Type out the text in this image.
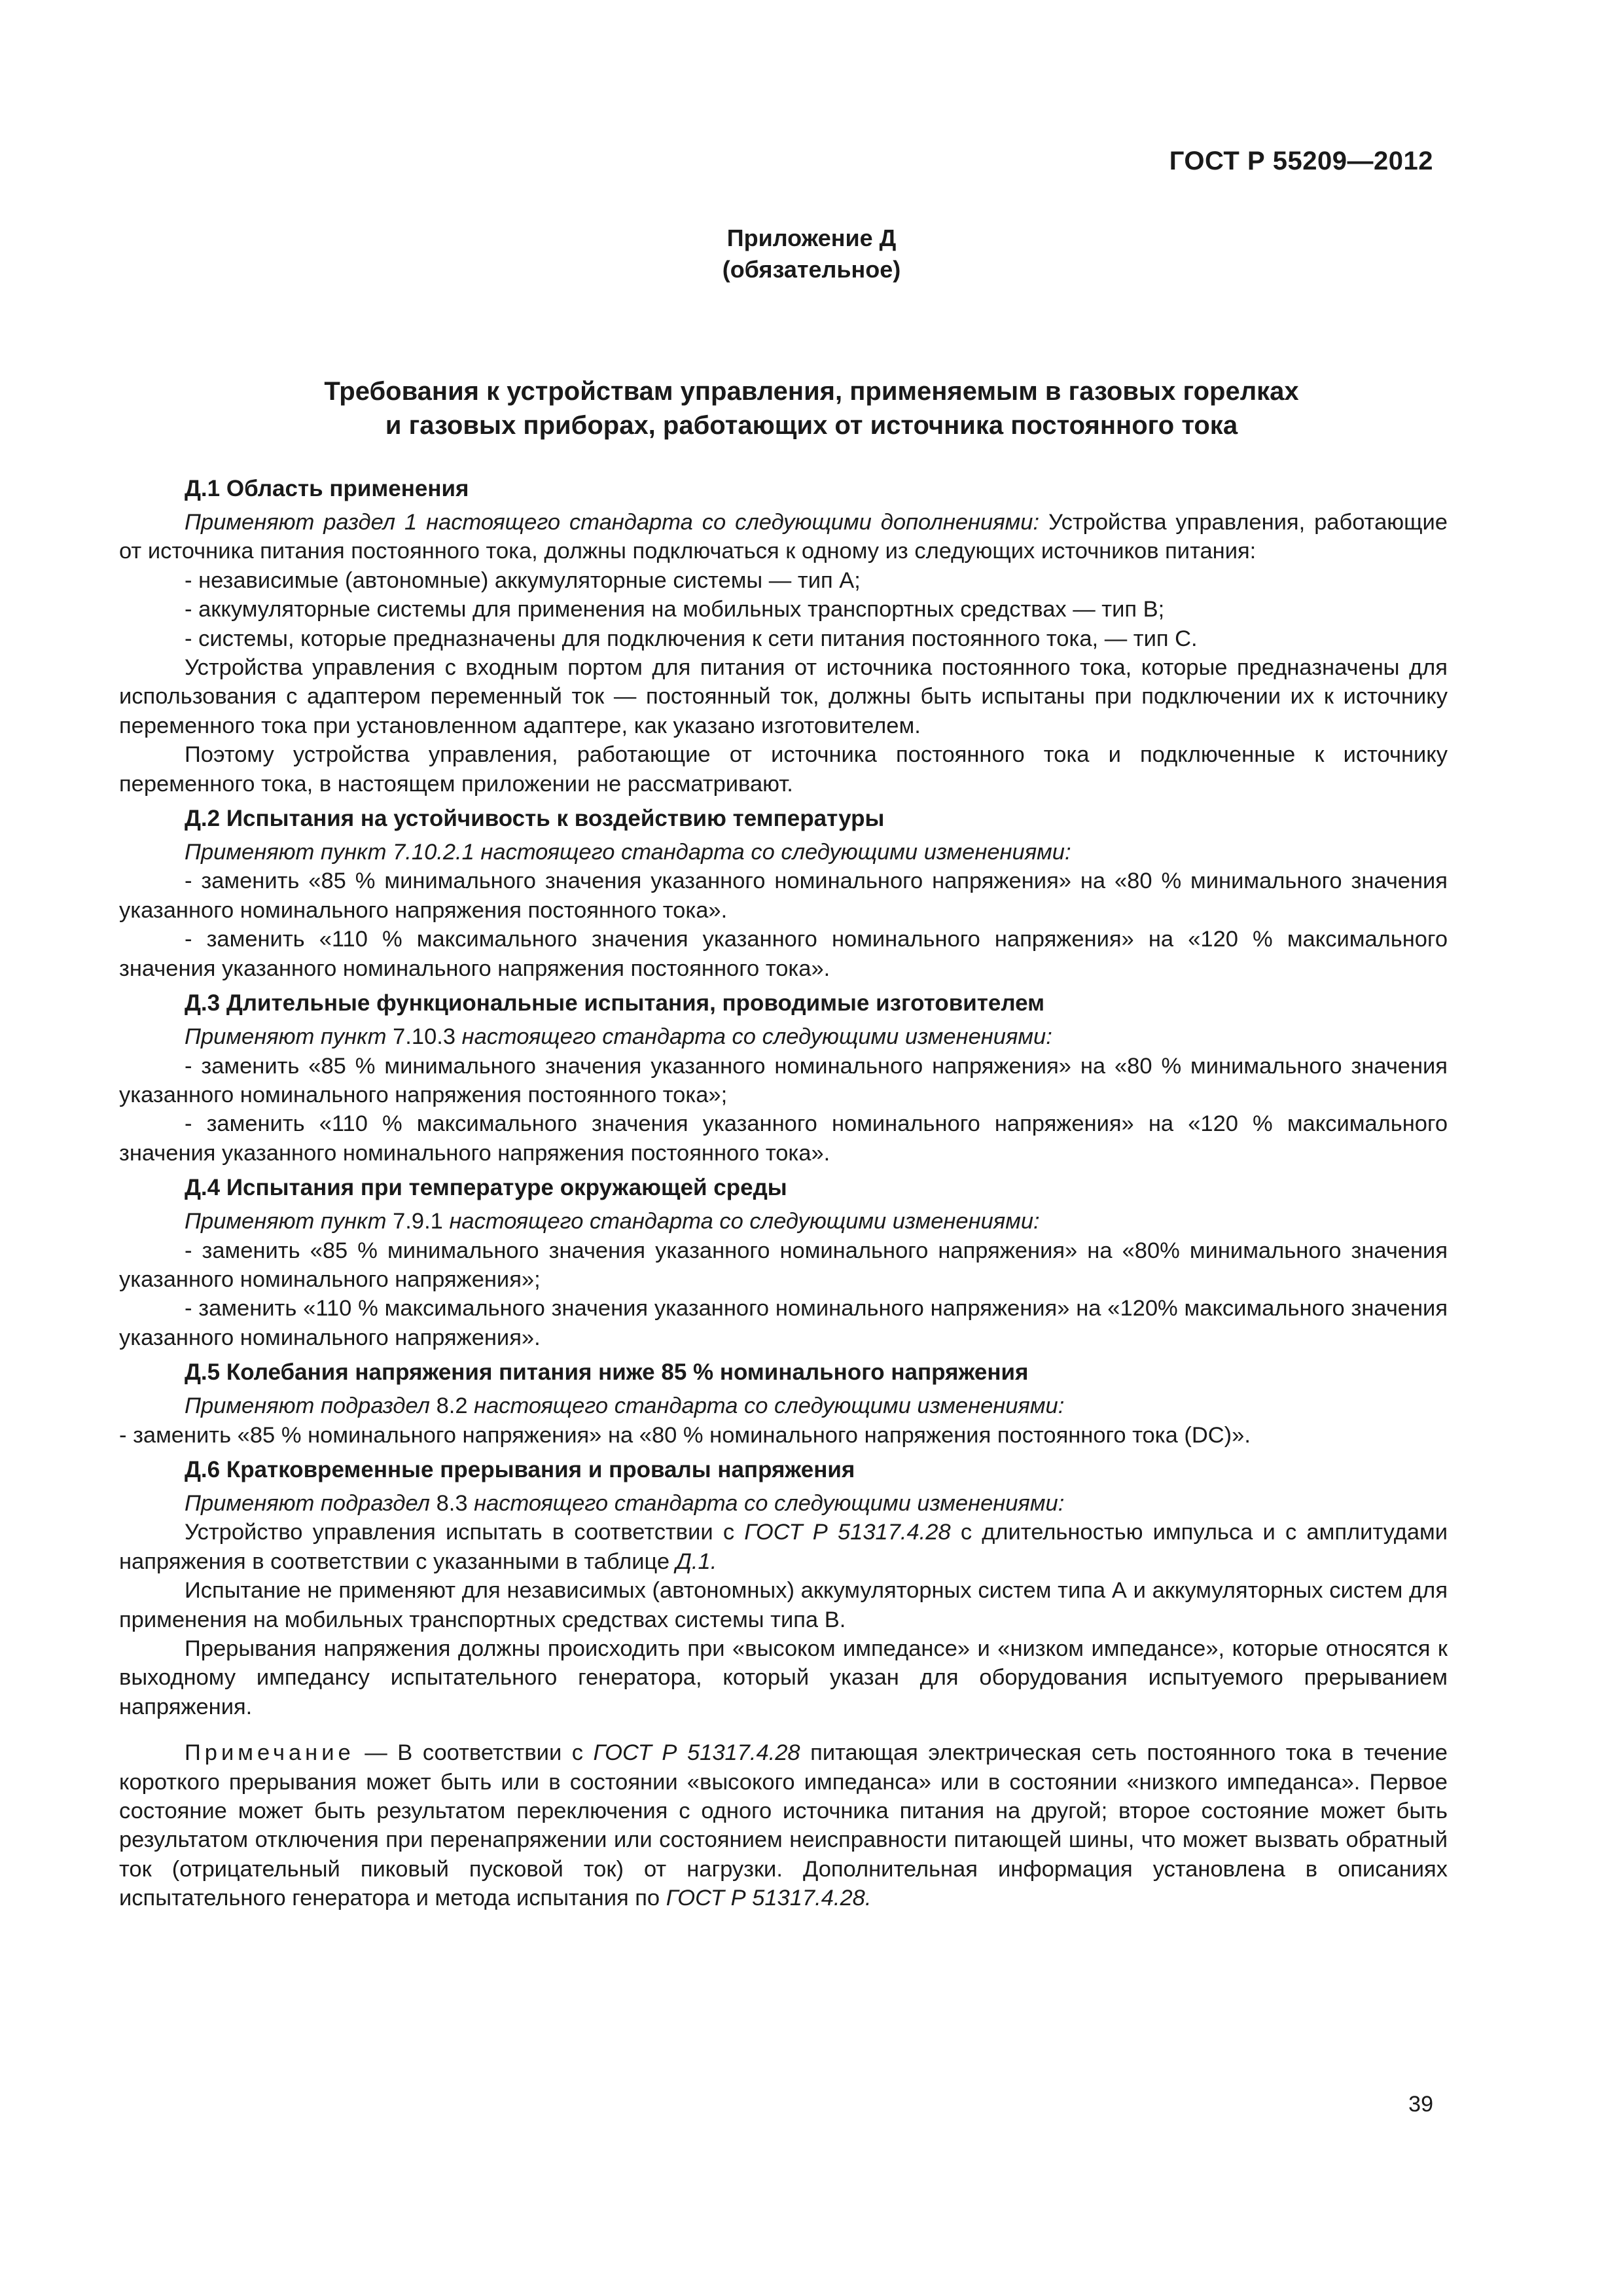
ГОСТ Р 55209—2012
Приложение Д
(обязательное)
Требования к устройствам управления, применяемым в газовых горелках
и газовых приборах, работающих от источника постоянного тока
Д.1 Область применения

Применяют раздел 1 настоящего стандарта со следующими дополнениями: Устройства управления, работающие от источника питания постоянного тока, должны подключаться к одному из следующих источников питания:

- независимые (автономные) аккумуляторные системы — тип А;

- аккумуляторные системы для применения на мобильных транспортных средствах — тип В;

- системы, которые предназначены для подключения к сети питания постоянного тока, — тип С.

Устройства управления с входным портом для питания от источника постоянного тока, которые предназначены для использования с адаптером переменный ток — постоянный ток, должны быть испытаны при подключении их к источнику переменного тока при установленном адаптере, как указано изготовителем.

Поэтому устройства управления, работающие от источника постоянного тока и подключенные к источнику переменного тока, в настоящем приложении не рассматривают.

Д.2 Испытания на устойчивость к воздействию температуры

Применяют пункт 7.10.2.1 настоящего стандарта со следующими изменениями:

- заменить «85 % минимального значения указанного номинального напряжения» на «80 % минимального значения указанного номинального напряжения постоянного тока».

- заменить «110 % максимального значения указанного номинального напряжения» на «120 % максимального значения указанного номинального напряжения постоянного тока».

Д.3 Длительные функциональные испытания, проводимые изготовителем

Применяют пункт 7.10.3 настоящего стандарта со следующими изменениями:

- заменить «85 % минимального значения указанного номинального напряжения» на «80 % минимального значения указанного номинального напряжения постоянного тока»;

- заменить «110 % максимального значения указанного номинального напряжения» на «120 % максимального значения указанного номинального напряжения постоянного тока».

Д.4 Испытания при температуре окружающей среды

Применяют пункт 7.9.1 настоящего стандарта со следующими изменениями:

- заменить «85 % минимального значения указанного номинального напряжения» на «80% минимального значения указанного номинального напряжения»;

- заменить «110 % максимального значения указанного номинального напряжения» на «120% максимального значения указанного номинального напряжения».

Д.5 Колебания напряжения питания ниже 85 % номинального напряжения

Применяют подраздел 8.2 настоящего стандарта со следующими изменениями:

- заменить «85 % номинального напряжения» на «80 % номинального напряжения постоянного тока (DC)».

Д.6 Кратковременные прерывания и провалы напряжения

Применяют подраздел 8.3 настоящего стандарта со следующими изменениями:

Устройство управления испытать в соответствии с ГОСТ Р 51317.4.28 с длительностью импульса и с амплитудами напряжения в соответствии с указанными в таблице Д.1.

Испытание не применяют для независимых (автономных) аккумуляторных систем типа А и аккумуляторных систем для применения на мобильных транспортных средствах системы типа В.

Прерывания напряжения должны происходить при «высоком импедансе» и «низком импедансе», которые относятся к выходному импедансу испытательного генератора, который указан для оборудования испытуемого прерыванием напряжения.

Примечание — В соответствии с ГОСТ Р 51317.4.28 питающая электрическая сеть постоянного тока в течение короткого прерывания может быть или в состоянии «высокого импеданса» или в состоянии «низкого импеданса». Первое состояние может быть результатом переключения с одного источника питания на другой; второе состояние может быть результатом отключения при перенапряжении или состоянием неисправности питающей шины, что может вызвать обратный ток (отрицательный пиковый пусковой ток) от нагрузки. Дополнительная информация установлена в описаниях испытательного генератора и метода испытания по ГОСТ Р 51317.4.28.

39
